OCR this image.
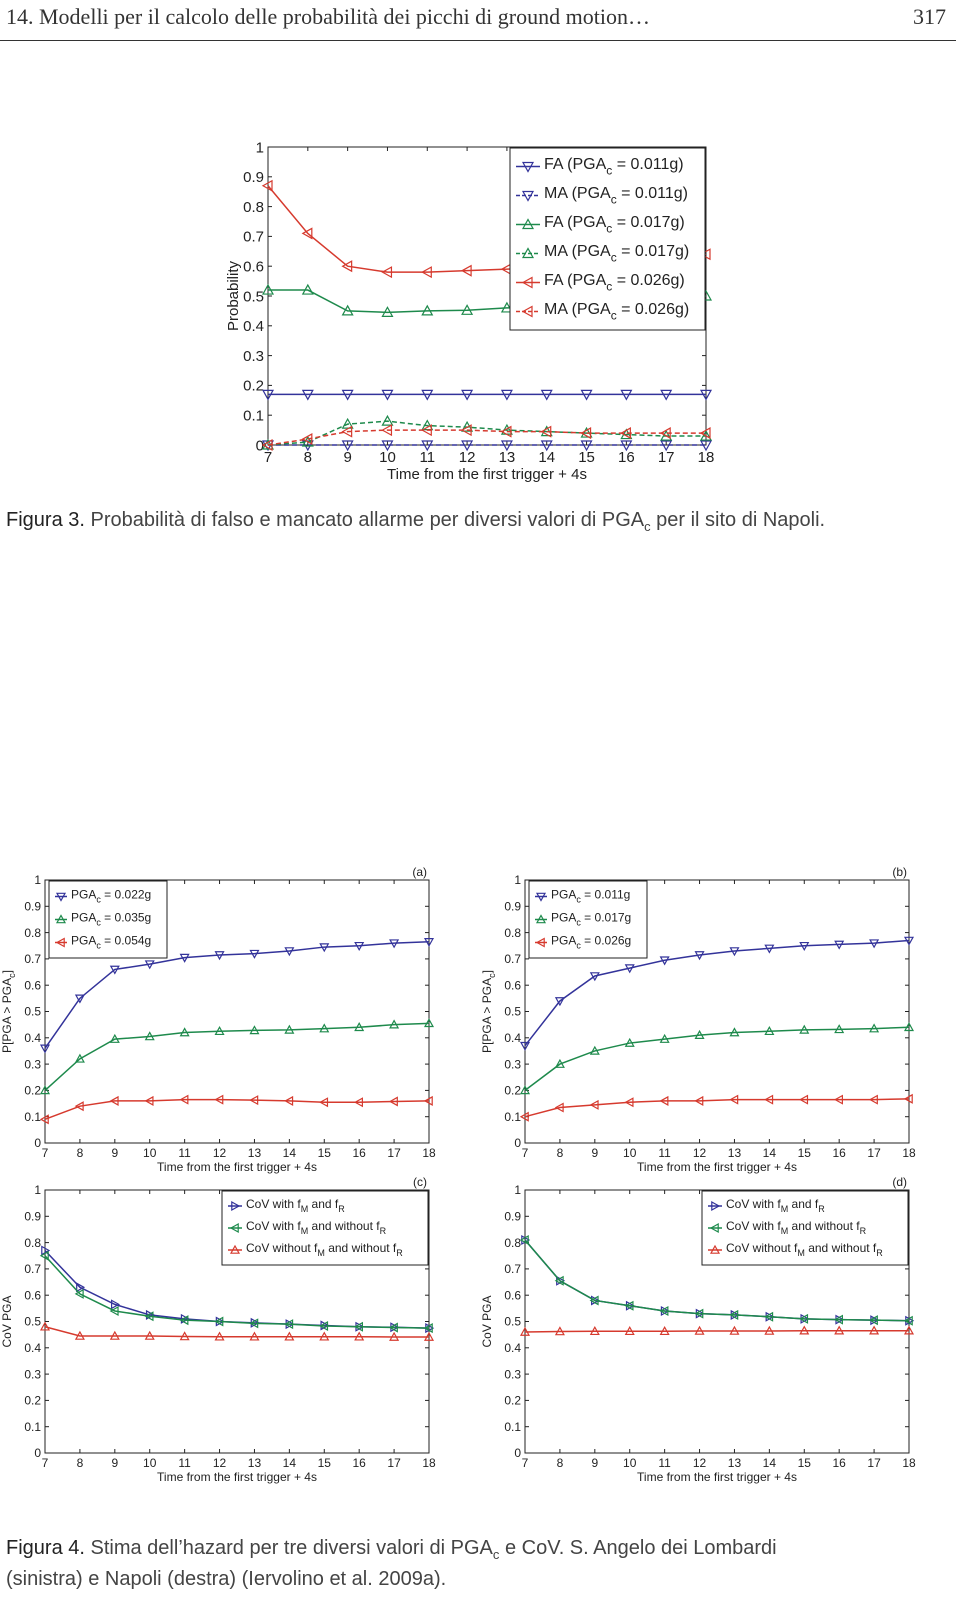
14. Modelli per il calcolo delle probabilità dei picchi di ground motion…	317
7 8 9 10 11 12 13 14 15 16 17 18
0
0.1
0.2
0.3
0.4
0.5
0.6
0.7
0.8
0.9
1
Time from the first trigger + 4s
Probability
FA $(PGA_c = 0.011g)$
MA $(PGA_c = 0.011g)$
FA $(PGA_c = 0.017g)$
MA $(PGA_c = 0.017g)$
FA $(PGA_c = 0.026g)$
MA $(PGA_c = 0.026g)$
7 8 9 10 11 12 13 14 15 16 17 18
0
0.1
0.2
0.3
0.4
0.5
0.6
0.7
0.8
0.9
1
Time from the first trigger + 4s
$P[PGA > PGA_c]$
(a)
$PGA_c = 0.022g$
$PGA_c = 0.035g$
$PGA_c = 0.054g$
7 8 9 10 11 12 13 14 15 16 17 18
0
0.1
0.2
0.3
0.4
0.5
0.6
0.7
0.8
0.9
1
Time from the first trigger + 4s
$P[PGA > PGA_c]$
(b)
$PGA_c = 0.011g$
$PGA_c = 0.017g$
$PGA_c = 0.026g$
7 8 9 10 11 12 13 14 15 16 17 18
0
0.1
0.2
0.3
0.4
0.5
0.6
0.7
0.8
0.9
1
Time from the first trigger + 4s
CoV PGA
(c)
CoV with $f_M$ and $f_R$
CoV with $f_M$ and without $f_R$
CoV without $f_M$ and without $f_R$
7 8 9 10 11 12 13 14 15 16 17 18
0
0.1
0.2
0.3
0.4
0.5
0.6
0.7
0.8
0.9
1
Time from the first trigger + 4s
CoV PGA
(d)
CoV with $f_M$ and $f_R$
CoV with $f_M$ and without $f_R$
CoV without $f_M$ and without $f_R$
Figura 3. Probabilità di falso e mancato allarme per diversi valori di $PGA_c$ per il sito di Napoli.
Figura 4. Stima dell’hazard per tre diversi valori di $PGA_c$ e CoV. S. Angelo dei Lombardi
(sinistra) e Napoli (destra) (Iervolino et al. 2009a).
